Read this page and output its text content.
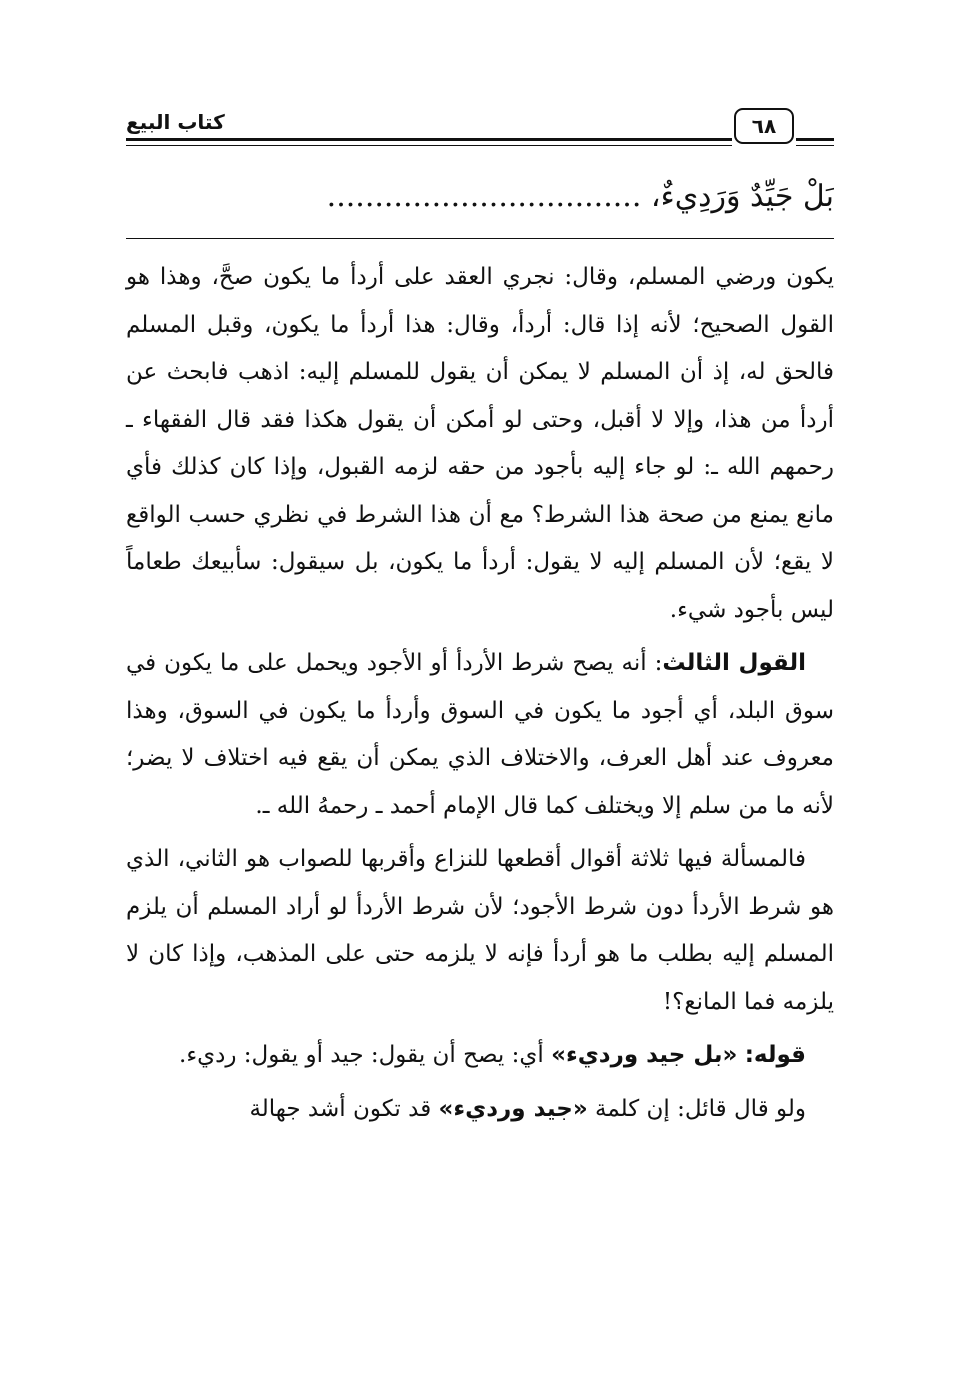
كتاب البيع	٦٨
بَلْ جَيِّدٌ وَرَدِيءٌ، .................................

يكون ورضي المسلم، وقال: نجري العقد على أردأ ما يكون صحَّ، وهذا هو القول الصحيح؛ لأنه إذا قال: أردأ، وقال: هذا أردأ ما يكون، وقبل المسلم فالحق له، إذ أن المسلم لا يمكن أن يقول للمسلم إليه: اذهب فابحث عن أردأ من هذا، وإلا لا أقبل، وحتى لو أمكن أن يقول هكذا فقد قال الفقهاء ـ رحمهم الله ـ: لو جاء إليه بأجود من حقه لزمه القبول، وإذا كان كذلك فأي مانع يمنع من صحة هذا الشرط؟ مع أن هذا الشرط في نظري حسب الواقع لا يقع؛ لأن المسلم إليه لا يقول: أردأ ما يكون، بل سيقول: سأبيعك طعاماً ليس بأجود شيء.

القول الثالث: أنه يصح شرط الأردأ أو الأجود ويحمل على ما يكون في سوق البلد، أي أجود ما يكون في السوق وأردأ ما يكون في السوق، وهذا معروف عند أهل العرف، والاختلاف الذي يمكن أن يقع فيه اختلاف لا يضر؛ لأنه ما من سلم إلا ويختلف كما قال الإمام أحمد ـ رحمهُ الله ـ.

فالمسألة فيها ثلاثة أقوال أقطعها للنزاع وأقربها للصواب هو الثاني، الذي هو شرط الأردأ دون شرط الأجود؛ لأن شرط الأردأ لو أراد المسلم أن يلزم المسلم إليه بطلب ما هو أردأ فإنه لا يلزمه حتى على المذهب، وإذا كان لا يلزمه فما المانع؟!

قوله: «بل جيد ورديء» أي: يصح أن يقول: جيد أو يقول: رديء.

ولو قال قائل: إن كلمة «جيد ورديء» قد تكون أشد جهالة
